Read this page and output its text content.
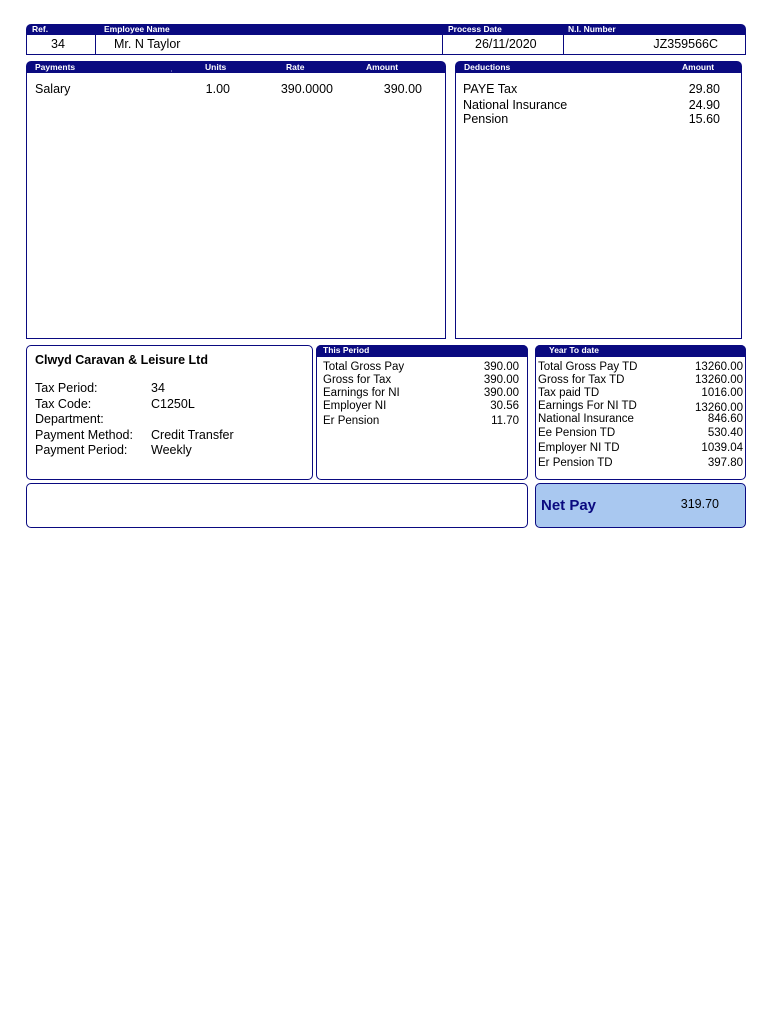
Ref.	Employee Name	Process Date	N.I. Number
34	Mr. N Taylor	26/11/2020	JZ359566C
Payments	Units	Rate	Amount
Salary	1.00	390.0000	390.00
Deductions	Amount
PAYE Tax	29.80
National Insurance	24.90
Pension	15.60
Clwyd Caravan & Leisure Ltd
Tax Period:	34
Tax Code:	C1250L
Department:
Payment Method: Credit Transfer
Payment Period: Weekly
This Period
Total Gross Pay	390.00
Gross for Tax	390.00
Earnings for NI	390.00
Employer NI	30.56
Er Pension	11.70
Year To date
Total Gross Pay TD	13260.00
Gross for Tax TD	13260.00
Tax paid TD	1016.00
Earnings For NI TD	13260.00
National Insurance	846.60
Ee Pension TD	530.40
Employer NI TD	1039.04
Er Pension TD	397.80
Net Pay	319.70
